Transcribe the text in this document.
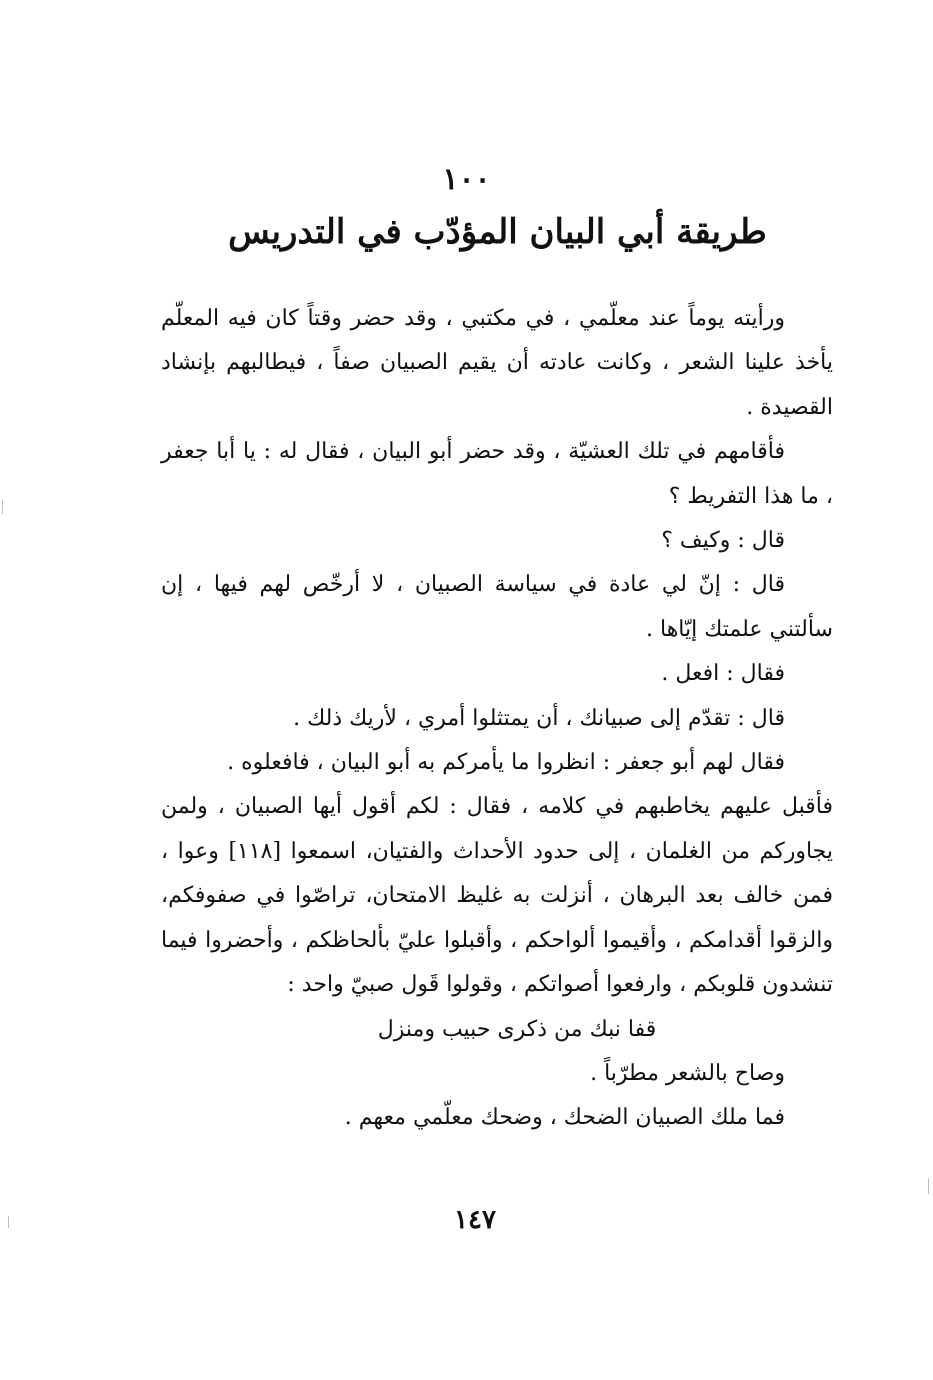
١٠٠
طريقة أبي البيان المؤدّب في التدريس

ورأيته يوماً عند معلّمي ، في مكتبي ، وقد حضر وقتاً كان فيه المعلّم يأخذ علينا الشعر ، وكانت عادته أن يقيم الصبيان صفاً ، فيطالبهم بإنشاد القصيدة .

فأقامهم في تلك العشيّة ، وقد حضر أبو البيان ، فقال له : يا أبا جعفر ، ما هذا التفريط ؟

قال : وكيف ؟

قال : إنّ لي عادة في سياسة الصبيان ، لا أرخّص لهم فيها ، إن سألتني علمتك إيّاها .

فقال : افعل .

قال : تقدّم إلى صبيانك ، أن يمتثلوا أمري ، لأريك ذلك .

فقال لهم أبو جعفر : انظروا ما يأمركم به أبو البيان ، فافعلوه .

فأقبل عليهم يخاطبهم في كلامه ، فقال : لكم أقول أيها الصبيان ، ولمن يجاوركم من الغلمان ، إلى حدود الأحداث والفتيان، اسمعوا [١١٨] وعوا ، فمن خالف بعد البرهان ، أنزلت به غليظ الامتحان، تراصّوا في صفوفكم، والزقوا أقدامكم ، وأقيموا ألواحكم ، وأقبلوا عليّ بألحاظكم ، وأحضروا فيما تنشدون قلوبكم ، وارفعوا أصواتكم ، وقولوا قَول صبيّ واحد :

قفا نبك من ذكرى حبيب ومنزل

وصاح بالشعر مطرّباً .

فما ملك الصبيان الضحك ، وضحك معلّمي معهم .

١٤٧
